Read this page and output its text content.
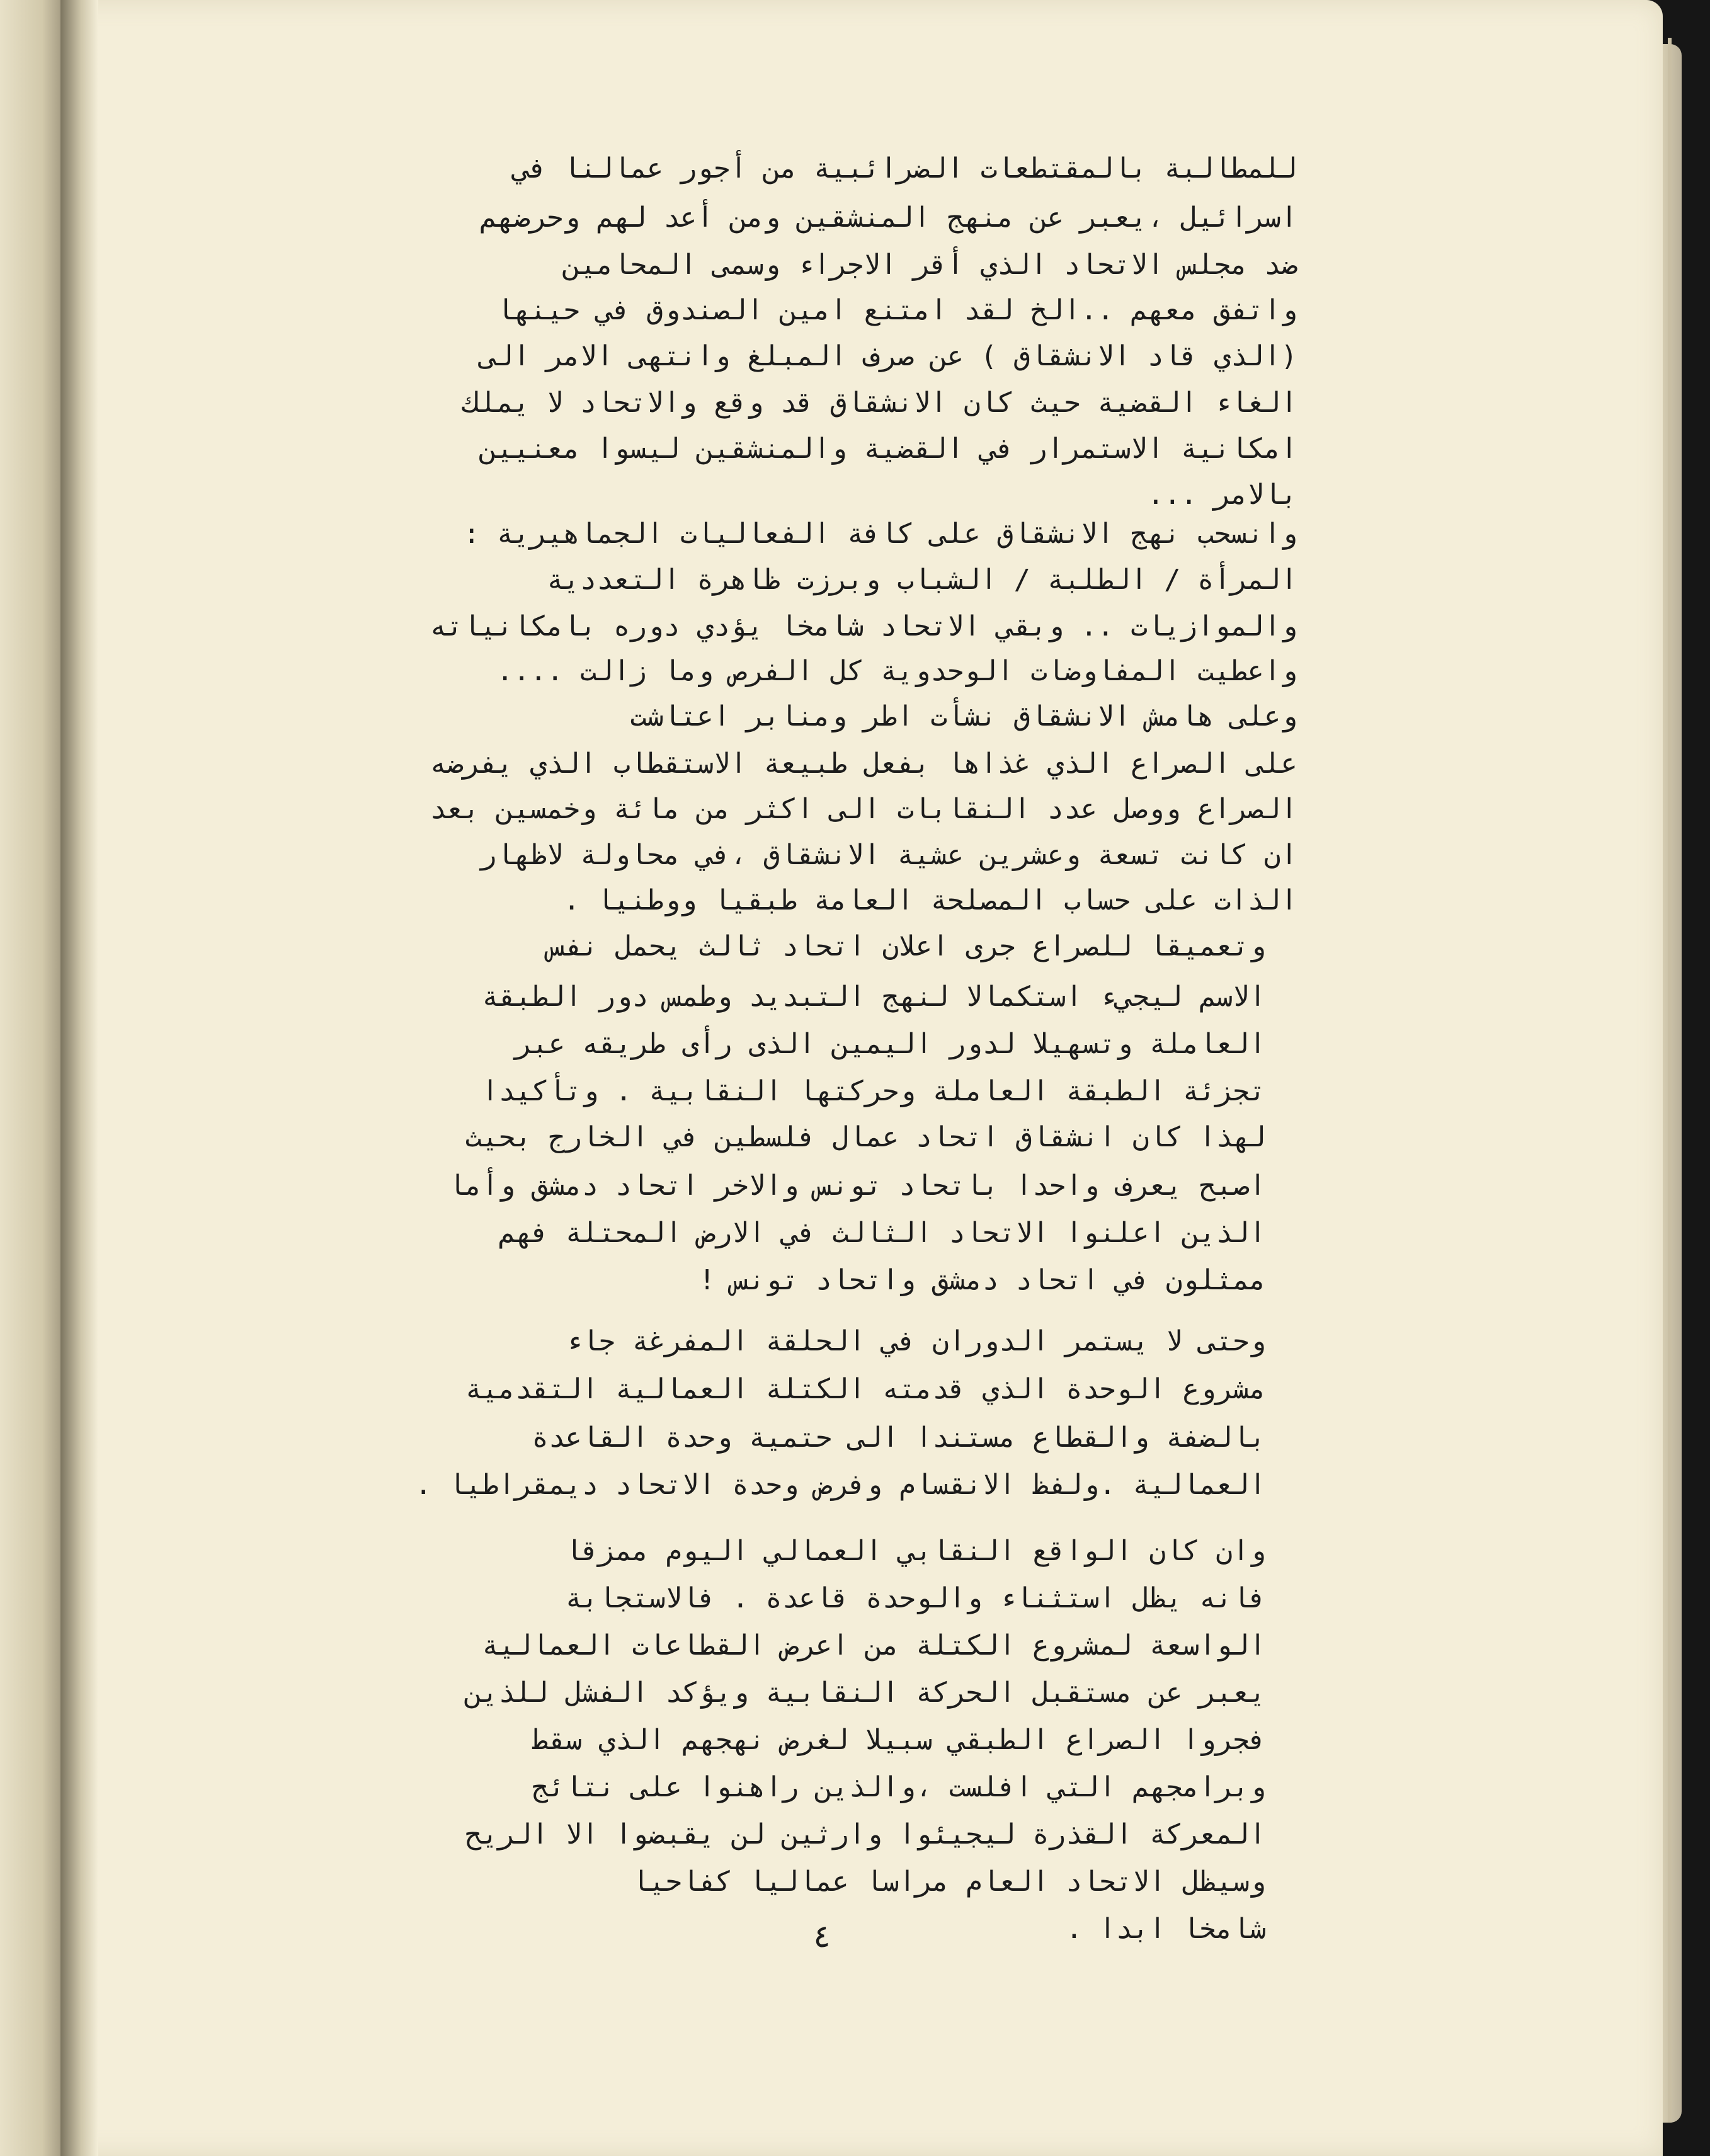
للمطالبة بالمقتطعات الضرائبية من أجور عمالنا في
اسرائيل ،يعبر عن منهج المنشقين ومن أعد لهم وحرضهم
ضد مجلس الاتحاد الذي أقر الاجراء وسمى المحامين
واتفق معهم ..الخ لقد امتنع امين الصندوق في حينها
(الذي قاد الانشقاق ) عن صرف المبلغ وانتهى الامر الى
الغاء القضية حيث كان الانشقاق قد وقع والاتحاد لا يملك
امكانية الاستمرار في القضية والمنشقين ليسوا معنيين
بالامر ...
وانسحب نهج الانشقاق على كافة الفعاليات الجماهيرية :
المرأة / الطلبة / الشباب وبرزت ظاهرة التعددية
والموازيات .. وبقي الاتحاد شامخا يؤدي دوره بامكانياته
واعطيت المفاوضات الوحدوية كل الفرص وما زالت ....
وعلى هامش الانشقاق نشأت اطر ومنابر اعتاشت
على الصراع الذي غذاها بفعل طبيعة الاستقطاب الذي يفرضه
الصراع ووصل عدد النقابات الى اكثر من مائة وخمسين بعد
ان كانت تسعة وعشرين عشية الانشقاق ،في محاولة لاظهار
الذات على حساب المصلحة العامة طبقيا ووطنيا .
وتعميقا للصراع جرى اعلان اتحاد ثالث يحمل نفس
الاسم ليجيء استكمالا لنهج التبديد وطمس دور الطبقة
العاملة وتسهيلا لدور اليمين الذى رأى طريقه عبر
تجزئة الطبقة العاملة وحركتها النقابية . وتأكيدا
لهذا كان انشقاق اتحاد عمال فلسطين في الخارج بحيث
اصبح يعرف واحدا باتحاد تونس والاخر اتحاد دمشق وأما
الذين اعلنوا الاتحاد الثالث في الارض المحتلة فهم
ممثلون في اتحاد دمشق واتحاد تونس !
وحتى لا يستمر الدوران في الحلقة المفرغة جاء
مشروع الوحدة الذي قدمته الكتلة العمالية التقدمية
بالضفة والقطاع مستندا الى حتمية وحدة القاعدة
العمالية .ولفظ الانقسام وفرض وحدة الاتحاد ديمقراطيا .
وان كان الواقع النقابي العمالي اليوم ممزقا
فانه يظل استثناء والوحدة قاعدة . فالاستجابة
الواسعة لمشروع الكتلة من اعرض القطاعات العمالية
يعبر عن مستقبل الحركة النقابية ويؤكد الفشل للذين
فجروا الصراع الطبقي سبيلا لغرض نهجهم الذي سقط
وبرامجهم التي افلست ،والذين راهنوا على نتائج
المعركة القذرة ليجيئوا وارثين لن يقبضوا الا الريح
وسيظل الاتحاد العام مراسا عماليا كفاحيا
شامخا ابدا .
٤
